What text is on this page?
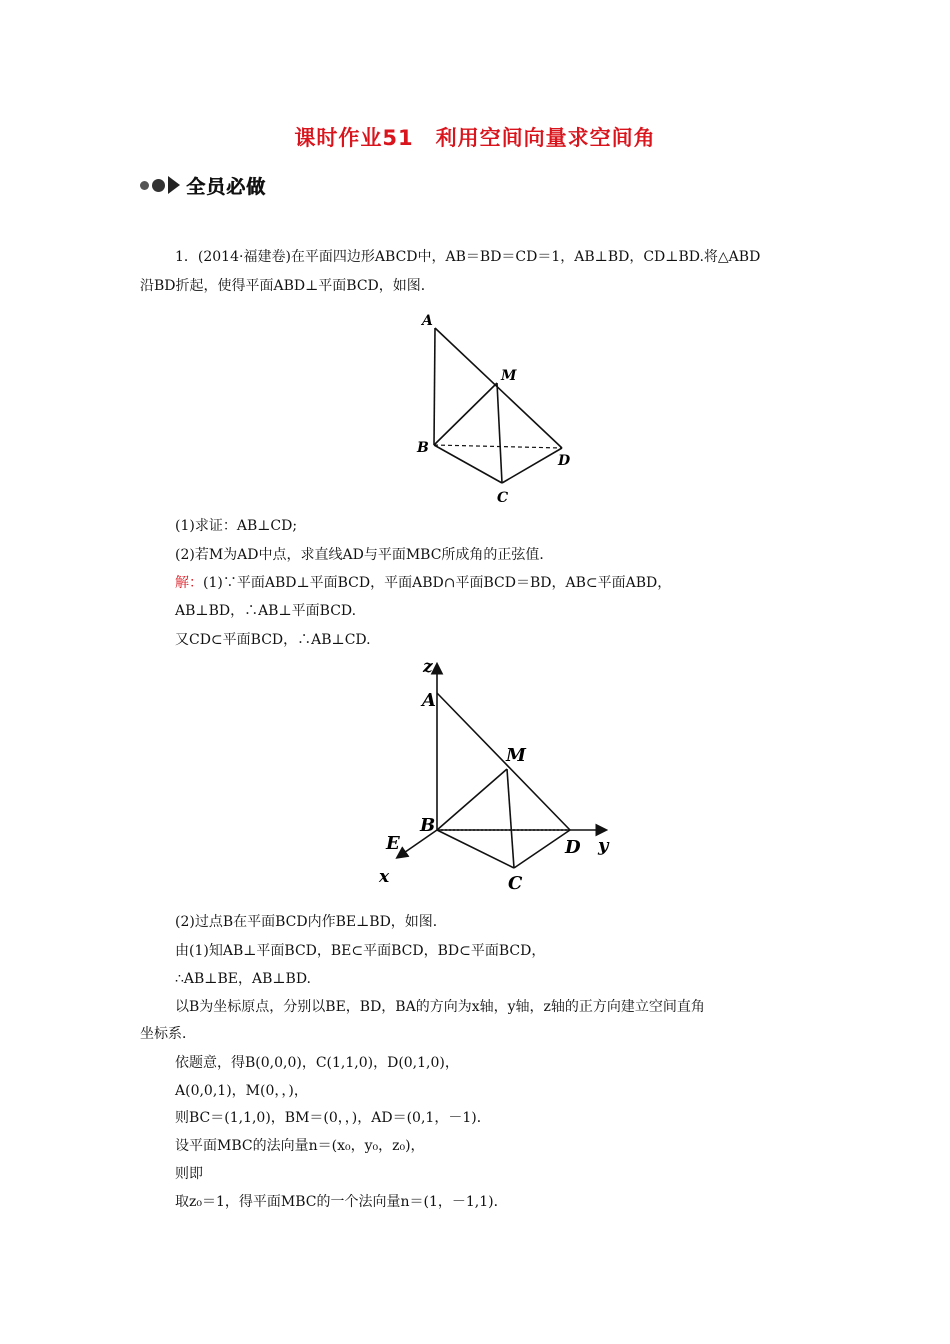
课时作业51　利用空间向量求空间角
全员必做
1．(2014·福建卷)在平面四边形ABCD中，AB＝BD＝CD＝1，AB⊥BD，CD⊥BD.将△ABD
沿BD折起，使得平面ABD⊥平面BCD，如图．
A
M
B
D
C
(1)求证：AB⊥CD;
(2)若M为AD中点，求直线AD与平面MBC所成角的正弦值．
解：(1)∵平面ABD⊥平面BCD，平面ABD∩平面BCD＝BD，AB⊂平面ABD，
AB⊥BD，∴AB⊥平面BCD.
又CD⊂平面BCD，∴AB⊥CD.
z
A
M
B
E	D y
x	C
(2)过点B在平面BCD内作BE⊥BD，如图．
由(1)知AB⊥平面BCD，BE⊂平面BCD，BD⊂平面BCD，
∴AB⊥BE，AB⊥BD.
以B为坐标原点，分别以BE，BD，BA的方向为x轴，y轴，z轴的正方向建立空间直角
坐标系．
依题意，得B(0,0,0)，C(1,1,0)，D(0,1,0)，
A(0,0,1)，M(0，，)，
则BC＝(1,1,0)，BM＝(0，，)，AD＝(0,1，－1)．
设平面MBC的法向量n＝(x₀，y₀，z₀)，
则即
取z₀＝1，得平面MBC的一个法向量n＝(1，－1,1)．
